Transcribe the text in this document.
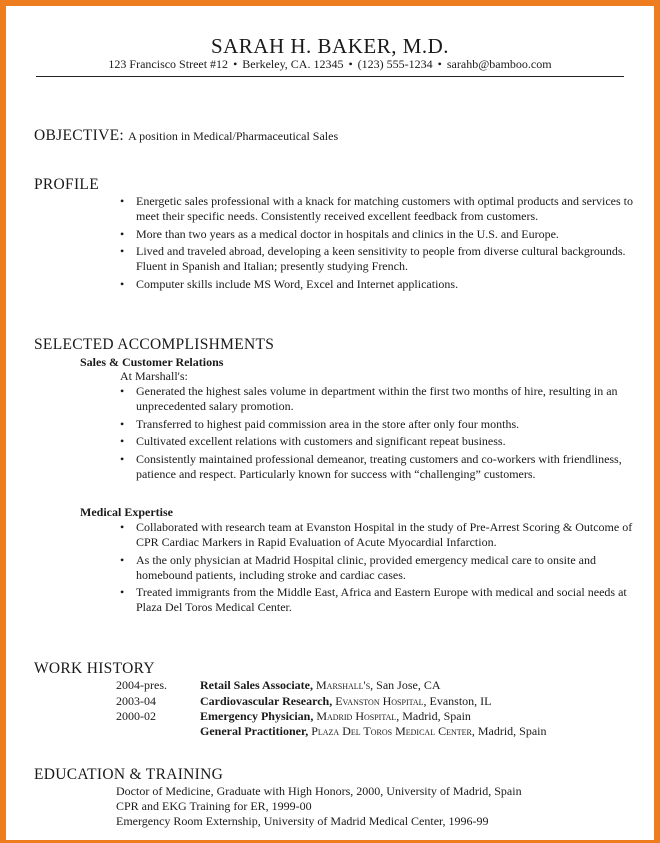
SARAH H. BAKER, M.D.
123 Francisco Street #12 • Berkeley, CA. 12345 • (123) 555-1234 • sarahb@bamboo.com
OBJECTIVE: A position in Medical/Pharmaceutical Sales
PROFILE
• Energetic sales professional with a knack for matching customers with optimal products and services to meet their specific needs. Consistently received excellent feedback from customers.
• More than two years as a medical doctor in hospitals and clinics in the U.S. and Europe.
• Lived and traveled abroad, developing a keen sensitivity to people from diverse cultural backgrounds. Fluent in Spanish and Italian; presently studying French.
• Computer skills include MS Word, Excel and Internet applications.
SELECTED ACCOMPLISHMENTS
Sales & Customer Relations
At Marshall's:
• Generated the highest sales volume in department within the first two months of hire, resulting in an unprecedented salary promotion.
• Transferred to highest paid commission area in the store after only four months.
• Cultivated excellent relations with customers and significant repeat business.
• Consistently maintained professional demeanor, treating customers and co-workers with friendliness, patience and respect. Particularly known for success with “challenging” customers.
Medical Expertise
• Collaborated with research team at Evanston Hospital in the study of Pre-Arrest Scoring & Outcome of CPR Cardiac Markers in Rapid Evaluation of Acute Myocardial Infarction.
• As the only physician at Madrid Hospital clinic, provided emergency medical care to onsite and homebound patients, including stroke and cardiac cases.
• Treated immigrants from the Middle East, Africa and Eastern Europe with medical and social needs at Plaza Del Toros Medical Center.
WORK HISTORY
2004-pres.	Retail Sales Associate, Marshall's, San Jose, CA
2003-04	Cardiovascular Research, Evanston Hospital, Evanston, IL
2000-02	Emergency Physician, Madrid Hospital, Madrid, Spain
General Practitioner, Plaza Del Toros Medical Center, Madrid, Spain
EDUCATION & TRAINING
Doctor of Medicine, Graduate with High Honors, 2000, University of Madrid, Spain
CPR and EKG Training for ER, 1999-00
Emergency Room Externship, University of Madrid Medical Center, 1996-99
